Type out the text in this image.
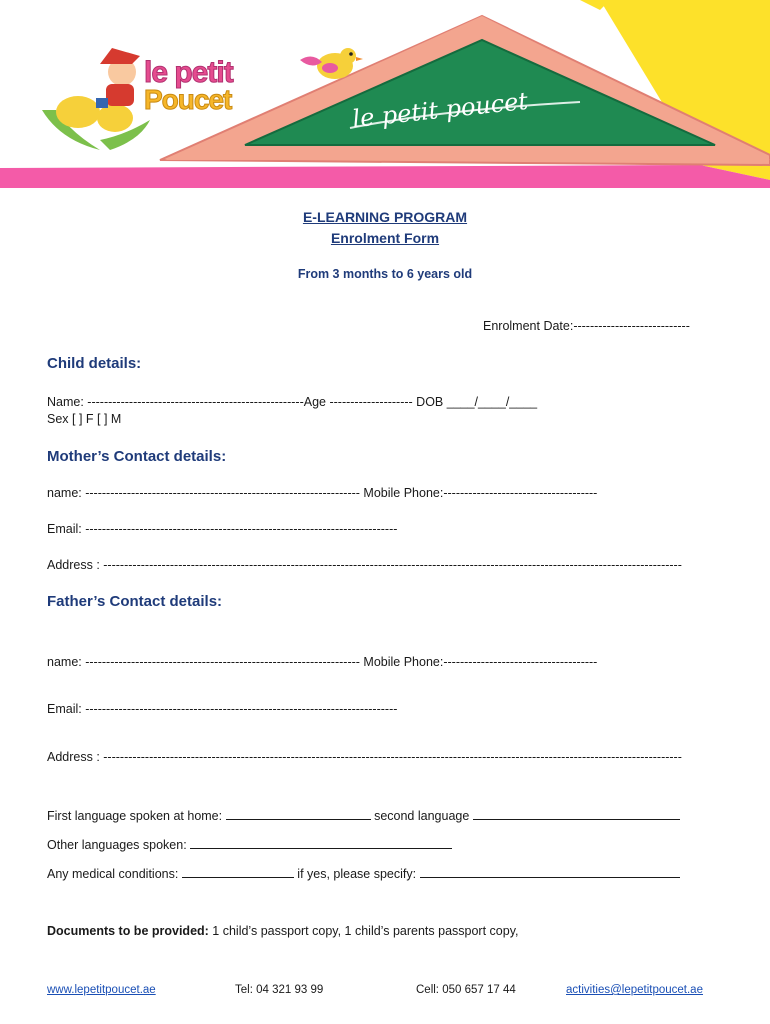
le petit
Poucet	le petit poucet
E-LEARNING PROGRAM
Enrolment Form
From 3 months to 6 years old
Enrolment Date:----------------------------
Child details:
Name: ----------------------------------------------------Age -------------------- DOB ____/____/____
Sex [ ] F [ ] M
Mother’s Contact details:
name: ------------------------------------------------------------------ Mobile Phone:-------------------------------------
Email: ---------------------------------------------------------------------------
Address : -------------------------------------------------------------------------------------------------------------------------------------------
Father’s Contact details:
name: ------------------------------------------------------------------ Mobile Phone:-------------------------------------
Email: ---------------------------------------------------------------------------
Address : -------------------------------------------------------------------------------------------------------------------------------------------
First language spoken at home:	second language
Other languages spoken:
Any medical conditions:	if yes, please specify:
Documents to be provided: 1 child’s passport copy, 1 child’s parents passport copy,
www.lepetitpoucet.ae	Tel: 04 321 93 99	Cell: 050 657 17 44	activities@lepetitpoucet.ae
